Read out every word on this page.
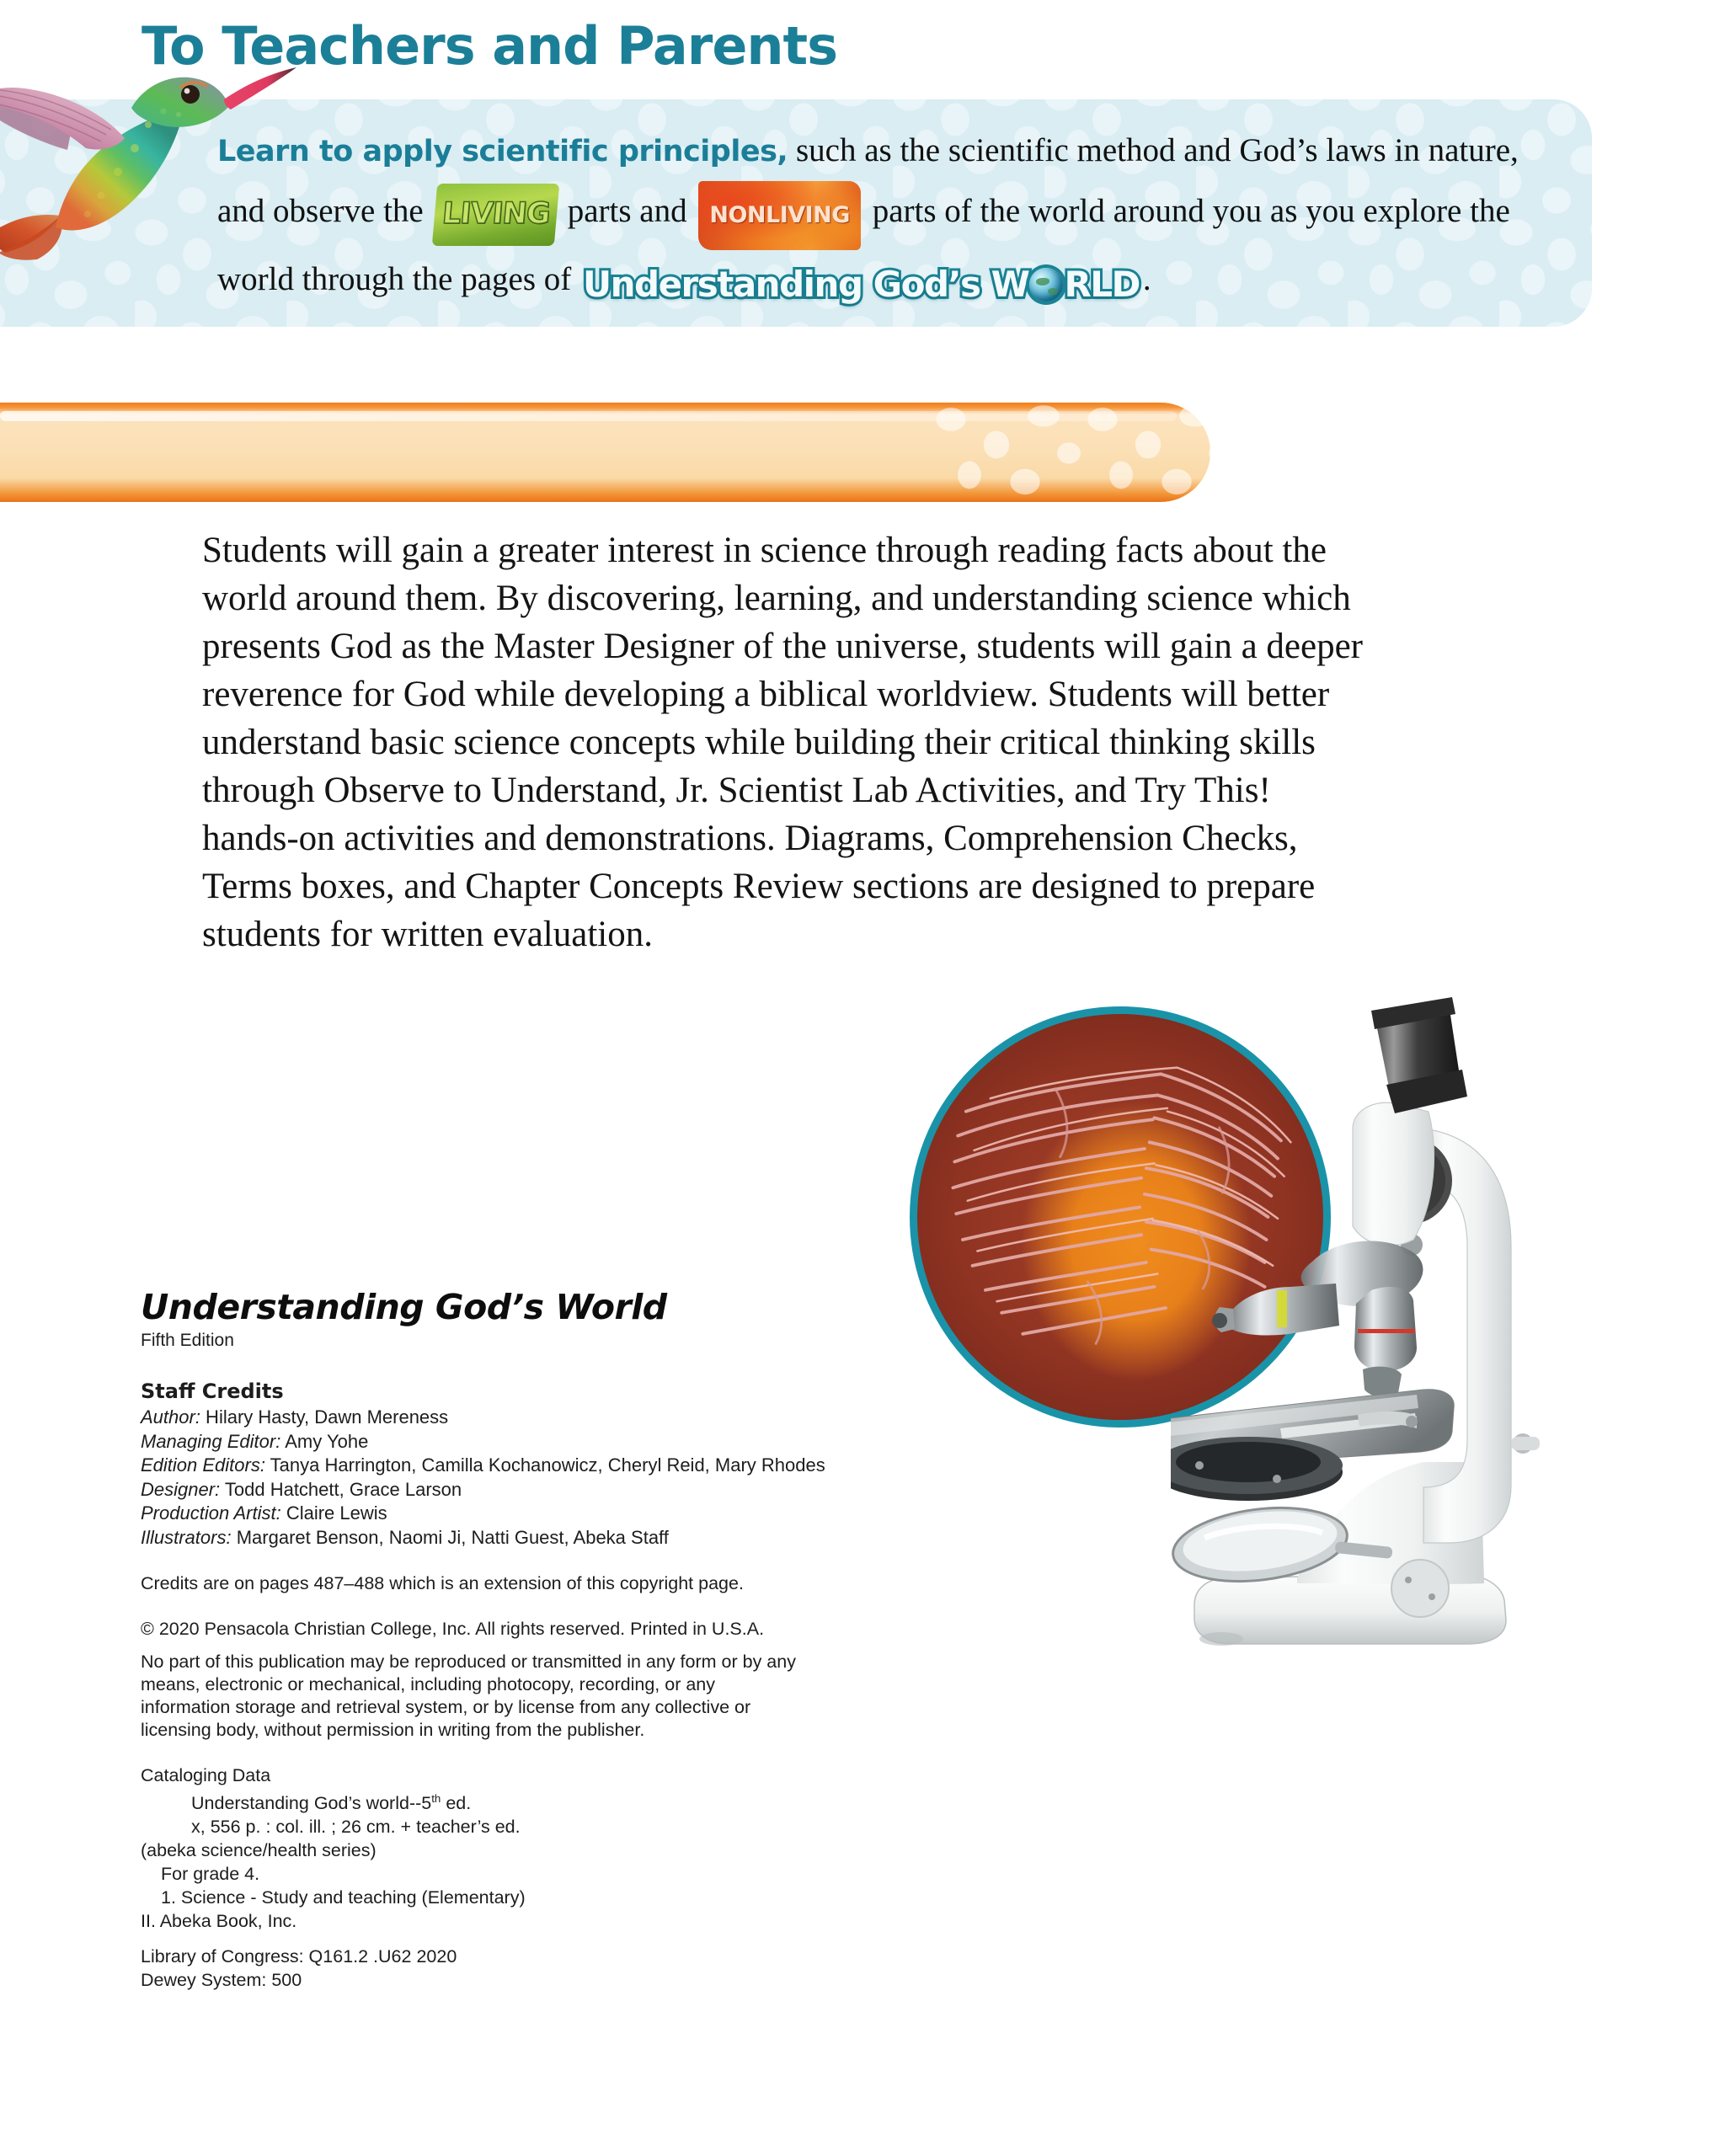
Learn to apply scientific principles, such as the scientific method and God’s laws in nature, and observe the LIVING parts and NONLIVING parts of the world around you as you explore the world through the pages of Understanding God’s W RLD .
To Teachers and Parents
Students will gain a greater interest in science through reading facts about the world around them. By discovering, learning, and understanding science which presents God as the Master Designer of the universe, students will gain a deeper reverence for God while developing a biblical worldview. Students will better understand basic science concepts while building their critical thinking skills through Observe to Understand, Jr. Scientist Lab Activities, and Try This! hands-on activities and demonstrations. Diagrams, Comprehension Checks, Terms boxes, and Chapter Concepts Review sections are designed to prepare students for written evaluation.
Understanding God’s World
Fifth Edition
Staff Credits

Author: Hilary Hasty, Dawn Mereness

Managing Editor: Amy Yohe

Edition Editors: Tanya Harrington, Camilla Kochanowicz, Cheryl Reid, Mary Rhodes

Designer: Todd Hatchett, Grace Larson

Production Artist: Claire Lewis

Illustrators: Margaret Benson, Naomi Ji, Natti Guest, Abeka Staff

Credits are on pages 487–488 which is an extension of this copyright page.

© 2020 Pensacola Christian College, Inc. All rights reserved. Printed in U.S.A.

No part of this publication may be reproduced or transmitted in any form or by any means, electronic or mechanical, including photocopy, recording, or any information storage and retrieval system, or by license from any collective or licensing body, without permission in writing from the publisher.

Cataloging Data

Understanding God’s world--5th ed.

x, 556 p. : col. ill. ; 26 cm. + teacher’s ed.

(abeka science/health series)

For grade 4.

1. Science - Study and teaching (Elementary)

II. Abeka Book, Inc.

Library of Congress: Q161.2 .U62 2020

Dewey System: 500
